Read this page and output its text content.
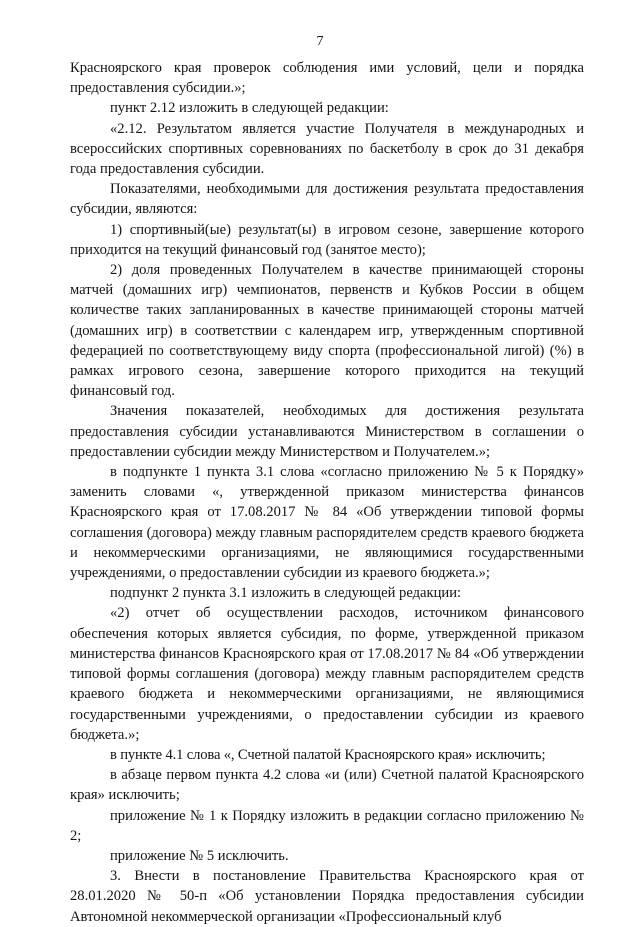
7

Красноярского края проверок соблюдения ими условий, цели и порядка предоставления субсидии.»;

пункт 2.12 изложить в следующей редакции:

«2.12. Результатом является участие Получателя в международных и всероссийских спортивных соревнованиях по баскетболу в срок до 31 декабря года предоставления субсидии.

Показателями, необходимыми для достижения результата предоставления субсидии, являются:

1) спортивный(ые) результат(ы) в игровом сезоне, завершение которого приходится на текущий финансовый год (занятое место);

2) доля проведенных Получателем в качестве принимающей стороны матчей (домашних игр) чемпионатов, первенств и Кубков России в общем количестве таких запланированных в качестве принимающей стороны матчей (домашних игр) в соответствии с календарем игр, утвержденным спортивной федерацией по соответствующему виду спорта (профессиональной лигой) (%) в рамках игрового сезона, завершение которого приходится на текущий финансовый год.

Значения показателей, необходимых для достижения результата предоставления субсидии устанавливаются Министерством в соглашении о предоставлении субсидии между Министерством и Получателем.»;

в подпункте 1 пункта 3.1 слова «согласно приложению № 5 к Порядку» заменить словами «, утвержденной приказом министерства финансов Красноярского края от 17.08.2017 № 84 «Об утверждении типовой формы соглашения (договора) между главным распорядителем средств краевого бюджета и некоммерческими организациями, не являющимися государственными учреждениями, о предоставлении субсидии из краевого бюджета.»;

подпункт 2 пункта 3.1 изложить в следующей редакции:

«2) отчет об осуществлении расходов, источником финансового обеспечения которых является субсидия, по форме, утвержденной приказом министерства финансов Красноярского края от 17.08.2017 № 84 «Об утверждении типовой формы соглашения (договора) между главным распорядителем средств краевого бюджета и некоммерческими организациями, не являющимися государственными учреждениями, о предоставлении субсидии из краевого бюджета.»;

в пункте 4.1 слова «, Счетной палатой Красноярского края» исключить;

в абзаце первом пункта 4.2 слова «и (или) Счетной палатой Красноярского края» исключить;

приложение № 1 к Порядку изложить в редакции согласно приложению № 2;

приложение № 5 исключить.

3. Внести в постановление Правительства Красноярского края от 28.01.2020 № 50-п «Об установлении Порядка предоставления субсидии Автономной некоммерческой организации «Профессиональный клуб
